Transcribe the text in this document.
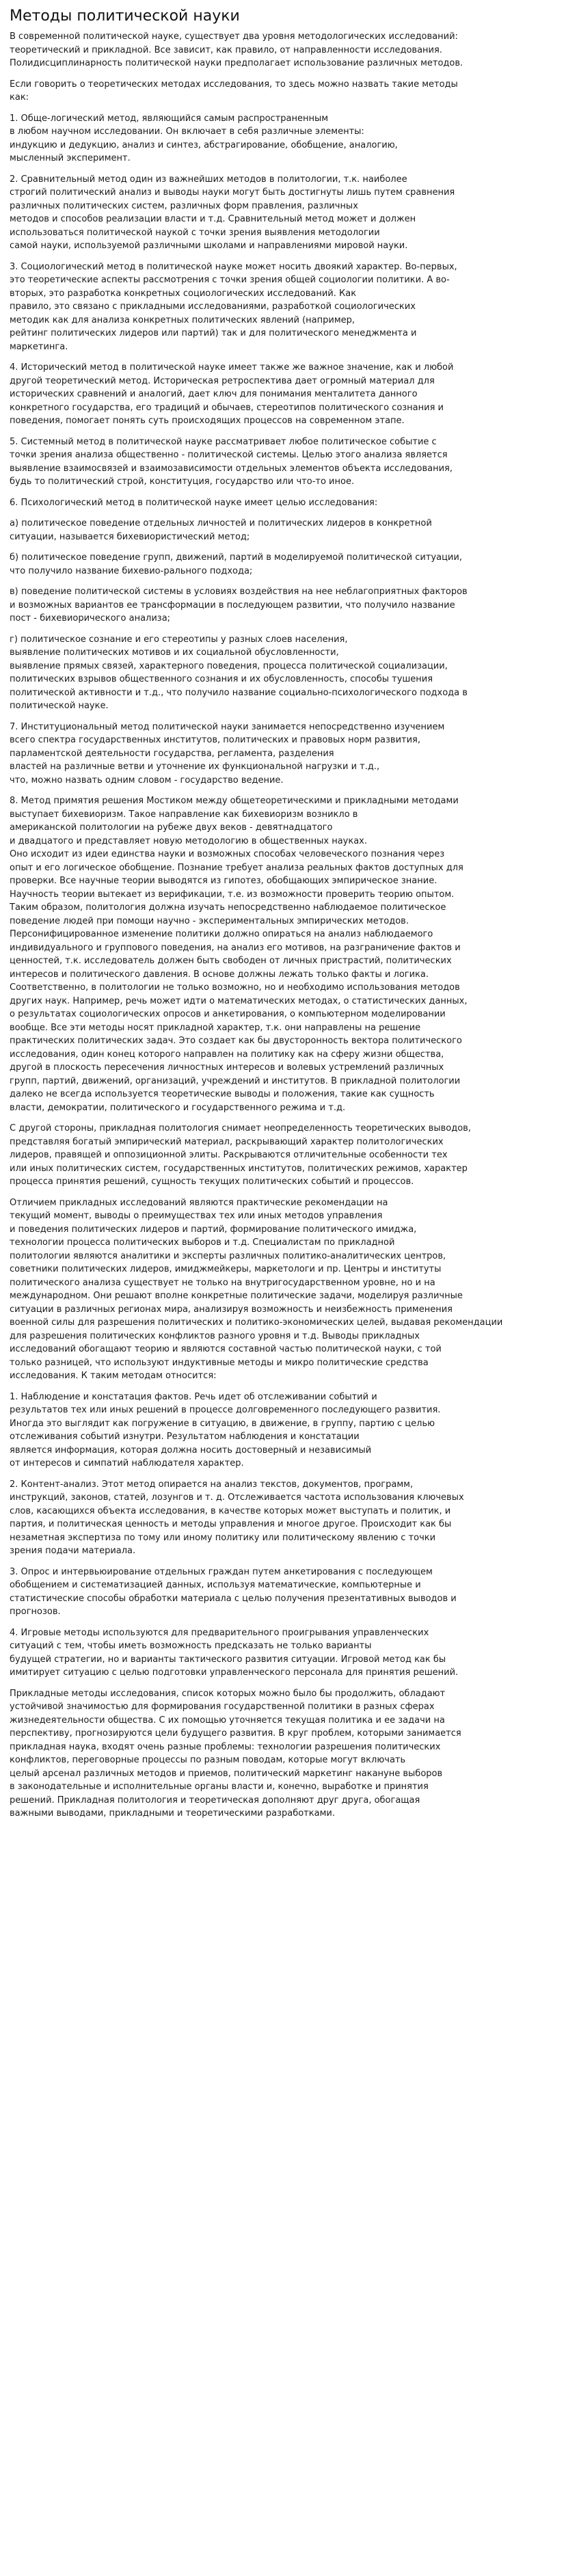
Методы политической науки
В современной политической науке, существует два уровня методологических исследований:
теоретический и прикладной. Все зависит, как правило, от направленности исследования.
Полидисциплинарность политической науки предполагает использование различных методов.
Если говорить о теоретических методах исследования, то здесь можно назвать такие методы
как:
1. Обще-логический метод, являющийся самым распространенным
в любом научном исследовании. Он включает в себя различные элементы:
индукцию и дедукцию, анализ и синтез, абстрагирование, обобщение, аналогию,
мысленный эксперимент.
2. Сравнительный метод один из важнейших методов в политологии, т.к. наиболее
строгий политический анализ и выводы науки могут быть достигнуты лишь путем сравнения
различных политических систем, различных форм правления, различных
методов и способов реализации власти и т.д. Сравнительный метод может и должен
использоваться политической наукой с точки зрения выявления методологии
самой науки, используемой различными школами и направлениями мировой науки.
3. Социологический метод в политической науке может носить двоякий характер. Во-первых,
это теоретические аспекты рассмотрения с точки зрения общей социологии политики. А во-
вторых, это разработка конкретных социологических исследований. Как
правило, это связано с прикладными исследованиями, разработкой социологических
методик как для анализа конкретных политических явлений (например,
рейтинг политических лидеров или партий) так и для политического менеджмента и
маркетинга.
4. Исторический метод в политической науке имеет также же важное значение, как и любой
другой теоретический метод. Историческая ретроспектива дает огромный материал для
исторических сравнений и аналогий, дает ключ для понимания менталитета данного
конкретного государства, его традиций и обычаев, стереотипов политического сознания и
поведения, помогает понять суть происходящих процессов на современном этапе.
5. Системный метод в политической науке рассматривает любое политическое событие с
точки зрения анализа общественно - политической системы. Целью этого анализа является
выявление взаимосвязей и взаимозависимости отдельных элементов объекта исследования,
будь то политический строй, конституция, государство или что-то иное.
6. Психологический метод в политической науке имеет целью исследования:
а) политическое поведение отдельных личностей и политических лидеров в конкретной
ситуации, называется бихевиористический метод;
б) политическое поведение групп, движений, партий в моделируемой политической ситуации,
что получило название бихевио-рального подхода;
в) поведение политической системы в условиях воздействия на нее неблагоприятных факторов
и возможных вариантов ее трансформации в последующем развитии, что получило название
пост - бихевиорического анализа;
г) политическое сознание и его стереотипы у разных слоев населения,
выявление политических мотивов и их социальной обусловленности,
выявление прямых связей, характерного поведения, процесса политической социализации,
политических взрывов общественного сознания и их обусловленность, способы тушения
политической активности и т.д., что получило название социально-психологического подхода в
политической науке.
7. Институциональный метод политической науки занимается непосредственно изучением
всего спектра государственных институтов, политических и правовых норм развития,
парламентской деятельности государства, регламента, разделения
властей на различные ветви и уточнение их функциональной нагрузки и т.д.,
что, можно назвать одним словом - государство ведение.
8. Метод примятия решения Мостиком между общетеоретическими и прикладными методами
выступает бихевиоризм. Такое направление как бихевиоризм возникло в
американской политологии на рубеже двух веков - девятнадцатого
и двадцатого и представляет новую методологию в общественных науках.
Оно исходит из идеи единства науки и возможных способах человеческого познания через
опыт и его логическое обобщение. Познание требует анализа реальных фактов доступных для
проверки. Все научные теории выводятся из гипотез, обобщающих эмпирическое знание.
Научность теории вытекает из верификации, т.е. из возможности проверить теорию опытом.
Таким образом, политология должна изучать непосредственно наблюдаемое политическое
поведение людей при помощи научно - экспериментальных эмпирических методов.
Персонифицированное изменение политики должно опираться на анализ наблюдаемого
индивидуального и группового поведения, на анализ его мотивов, на разграничение фактов и
ценностей, т.к. исследователь должен быть свободен от личных пристрастий, политических
интересов и политического давления. В основе должны лежать только факты и логика.
Соответственно, в политологии не только возможно, но и необходимо использования методов
других наук. Например, речь может идти о математических методах, о статистических данных,
о результатах социологических опросов и анкетирования, о компьютерном моделировании
вообще. Все эти методы носят прикладной характер, т.к. они направлены на решение
практических политических задач. Это создает как бы двусторонность вектора политического
исследования, один конец которого направлен на политику как на сферу жизни общества,
другой в плоскость пересечения личностных интересов и волевых устремлений различных
групп, партий, движений, организаций, учреждений и институтов. В прикладной политологии
далеко не всегда используется теоретические выводы и положения, такие как сущность
власти, демократии, политического и государственного режима и т.д.
С другой стороны, прикладная политология снимает неопределенность теоретических выводов,
представляя богатый эмпирический материал, раскрывающий характер политологических
лидеров, правящей и оппозиционной элиты. Раскрываются отличительные особенности тех
или иных политических систем, государственных институтов, политических режимов, характер
процесса принятия решений, сущность текущих политических событий и процессов.
Отличием прикладных исследований являются практические рекомендации на
текущий момент, выводы о преимуществах тех или иных методов управления
и поведения политических лидеров и партий, формирование политического имиджа,
технологии процесса политических выборов и т.д. Специалистам по прикладной
политологии являются аналитики и эксперты различных политико-аналитических центров,
советники политических лидеров, имиджмейкеры, маркетологи и пр. Центры и институты
политического анализа существует не только на внутригосударственном уровне, но и на
международном. Они решают вполне конкретные политические задачи, моделируя различные
ситуации в различных регионах мира, анализируя возможность и неизбежность применения
военной силы для разрешения политических и политико-экономических целей, выдавая рекомендации
для разрешения политических конфликтов разного уровня и т.д. Выводы прикладных
исследований обогащают теорию и являются составной частью политической науки, с той
только разницей, что используют индуктивные методы и микро политические средства
исследования. К таким методам относится:
1. Наблюдение и констатация фактов. Речь идет об отслеживании событий и
результатов тех или иных решений в процессе долговременного последующего развития.
Иногда это выглядит как погружение в ситуацию, в движение, в группу, партию с целью
отслеживания событий изнутри. Результатом наблюдения и констатации
является информация, которая должна носить достоверный и независимый
от интересов и симпатий наблюдателя характер.
2. Контент-анализ. Этот метод опирается на анализ текстов, документов, программ,
инструкций, законов, статей, лозунгов и т. д. Отслеживается частота использования ключевых
слов, касающихся объекта исследования, в качестве которых может выступать и политик, и
партия, и политическая ценность и методы управления и многое другое. Происходит как бы
незаметная экспертиза по тому или иному политику или политическому явлению с точки
зрения подачи материала.
3. Опрос и интервьюирование отдельных граждан путем анкетирования с последующем
обобщением и систематизацией данных, используя математические, компьютерные и
статистические способы обработки материала с целью получения презентативных выводов и
прогнозов.
4. Игровые методы используются для предварительного проигрывания управленческих
ситуаций с тем, чтобы иметь возможность предсказать не только варианты
будущей стратегии, но и варианты тактического развития ситуации. Игровой метод как бы
имитирует ситуацию с целью подготовки управленческого персонала для принятия решений.
Прикладные методы исследования, список которых можно было бы продолжить, обладают
устойчивой значимостью для формирования государственной политики в разных сферах
жизнедеятельности общества. С их помощью уточняется текущая политика и ее задачи на
перспективу, прогнозируются цели будущего развития. В круг проблем, которыми занимается
прикладная наука, входят очень разные проблемы: технологии разрешения политических
конфликтов, переговорные процессы по разным поводам, которые могут включать
целый арсенал различных методов и приемов, политический маркетинг накануне выборов
в законодательные и исполнительные органы власти и, конечно, выработке и принятия
решений. Прикладная политология и теоретическая дополняют друг друга, обогащая
важными выводами, прикладными и теоретическими разработками.
